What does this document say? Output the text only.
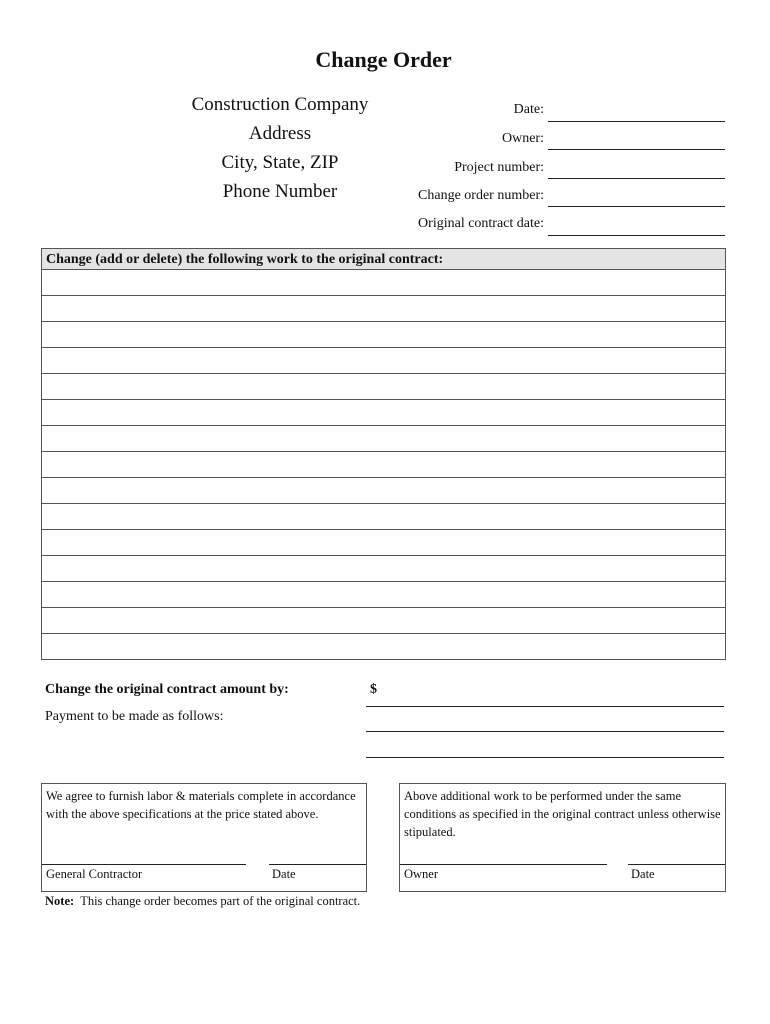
Change Order
Construction Company
Address
City, State, ZIP
Phone Number
Date:
Owner:
Project number:
Change order number:
Original contract date:
Change (add or delete) the following work to the original contract:
Change the original contract amount by:	$
Payment to be made as follows:
We agree to furnish labor & materials complete in accordance with the above specifications at the price stated above.
General Contractor	Date
Above additional work to be performed under the same conditions as specified in the original contract unless otherwise stipulated.
Owner	Date
Note: This change order becomes part of the original contract.
